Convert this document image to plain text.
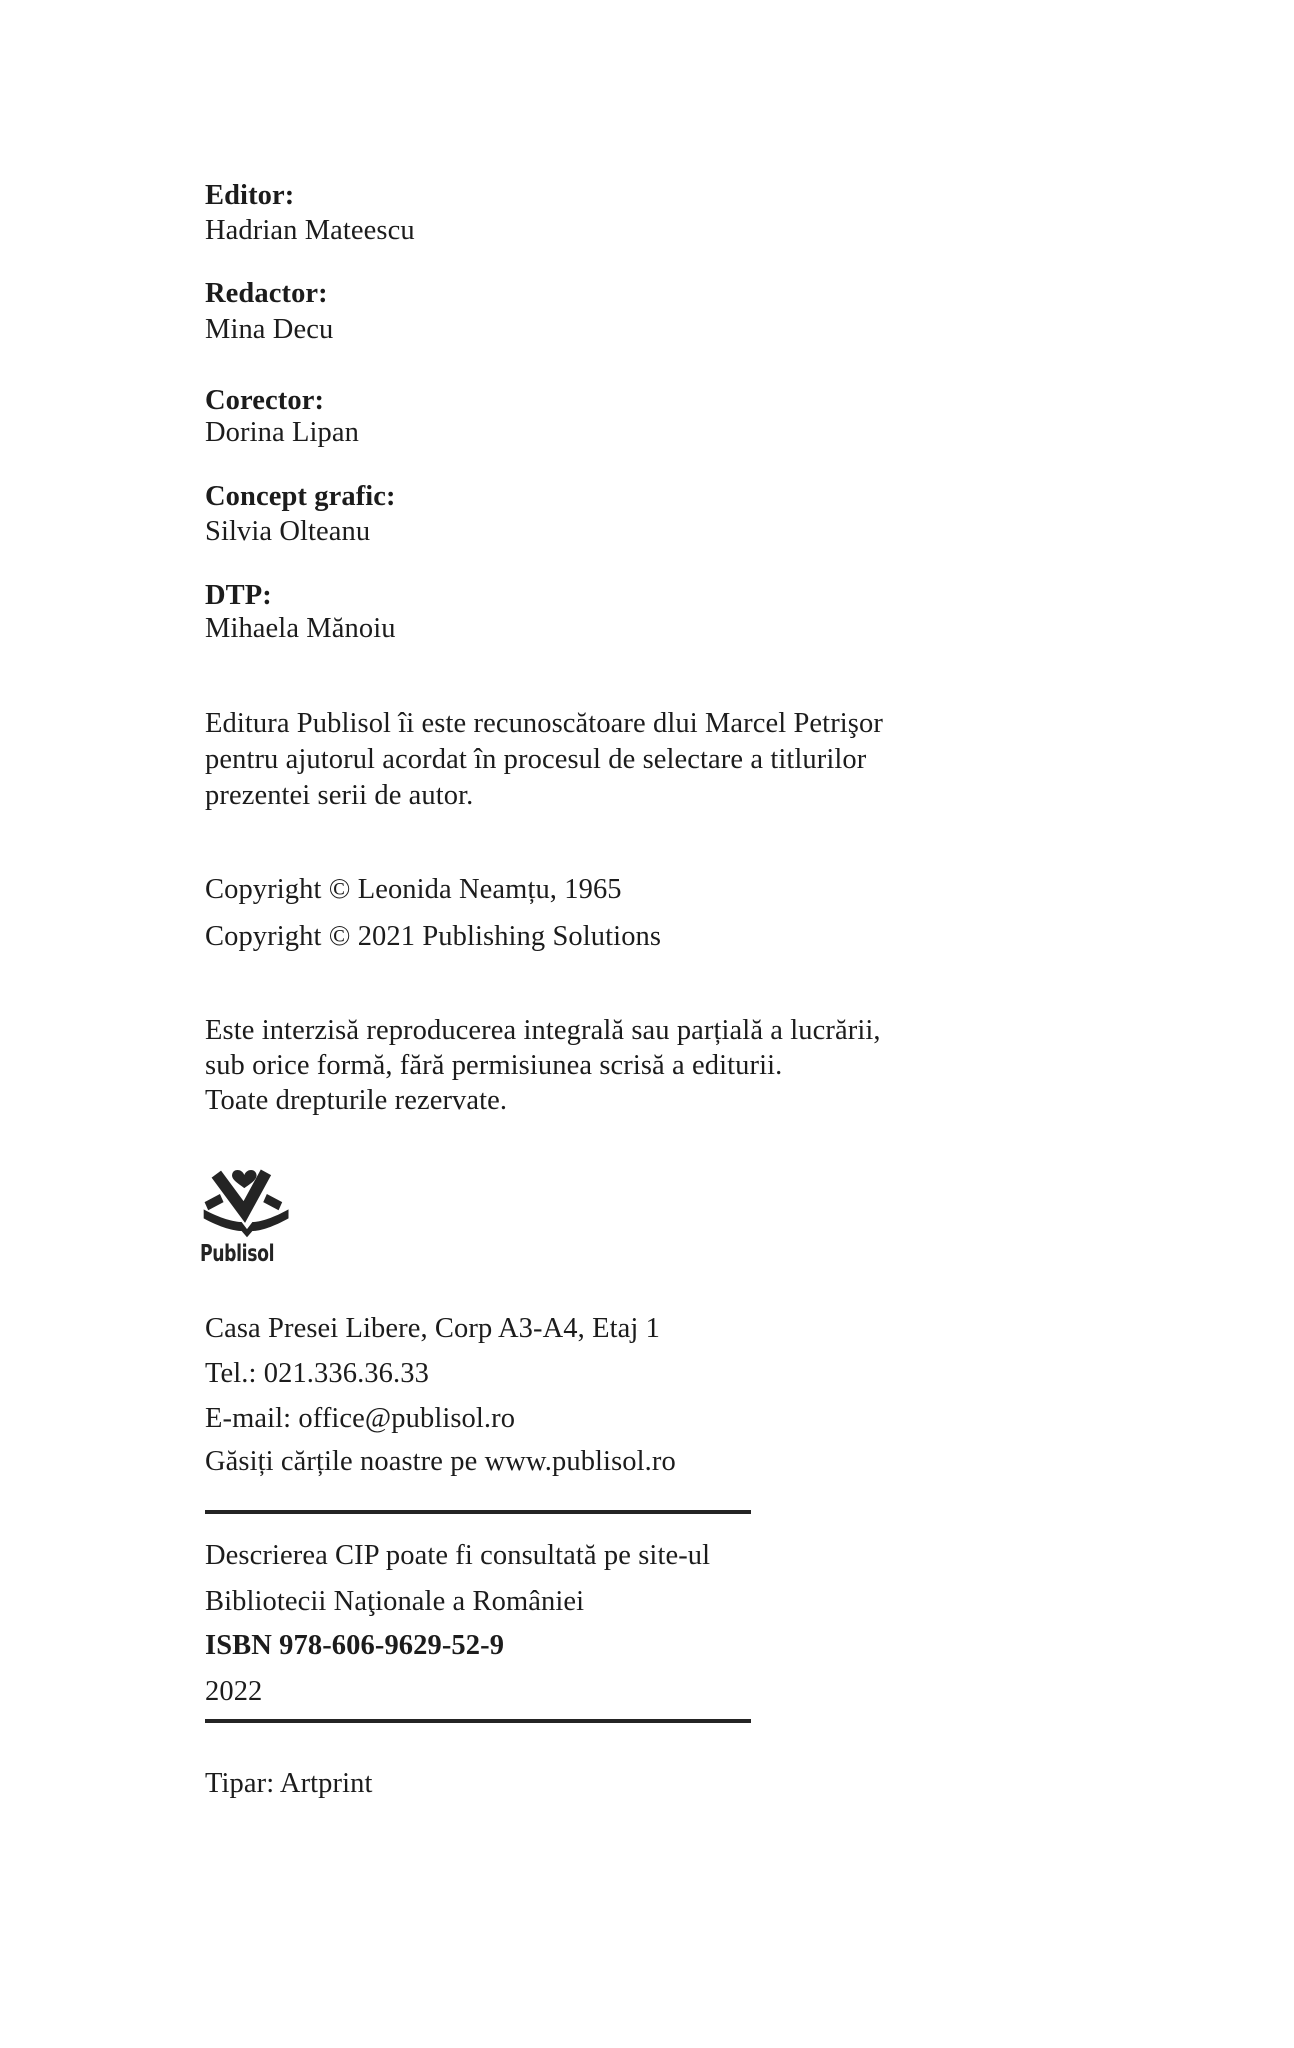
Editor:
Hadrian Mateescu
Redactor:
Mina Decu
Corector:
Dorina Lipan
Concept grafic:
Silvia Olteanu
DTP:
Mihaela Mănoiu
Editura Publisol îi este recunoscătoare dlui Marcel Petrişor
pentru ajutorul acordat în procesul de selectare a titlurilor
prezentei serii de autor.
Copyright © Leonida Neamțu, 1965
Copyright © 2021 Publishing Solutions
Este interzisă reproducerea integrală sau parțială a lucrării,
sub orice formă, fără permisiunea scrisă a editurii.
Toate drepturile rezervate.
Publisol
Casa Presei Libere, Corp A3-A4, Etaj 1
Tel.: 021.336.36.33
E-mail: office@publisol.ro
Găsiți cărțile noastre pe www.publisol.ro
Descrierea CIP poate fi consultată pe site-ul
Bibliotecii Naţionale a României
ISBN 978-606-9629-52-9
2022
Tipar: Artprint
